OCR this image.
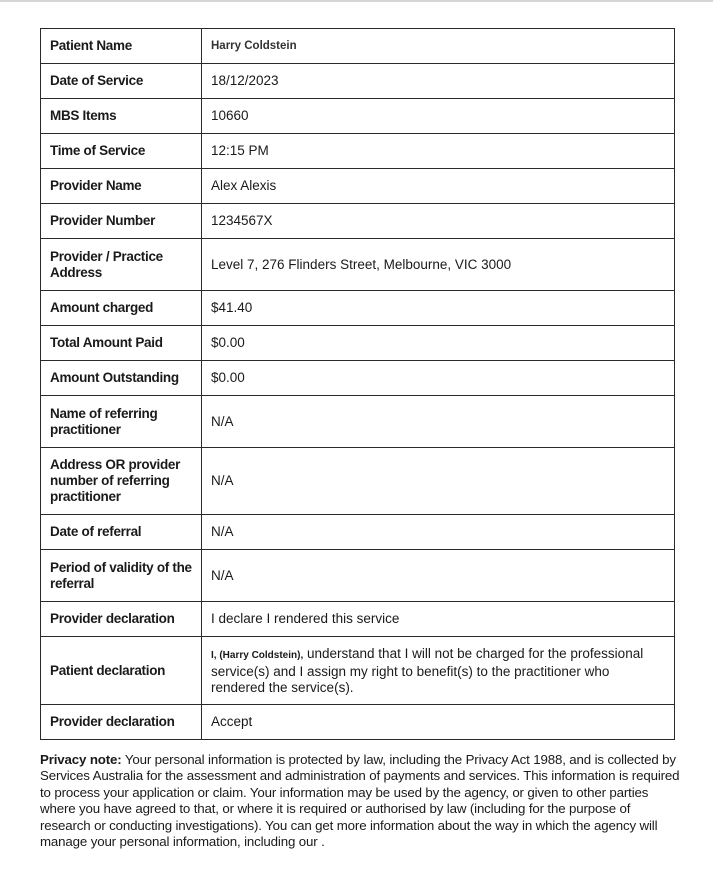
Patient Name	Harry Coldstein
Date of Service	18/12/2023
MBS Items	10660
Time of Service	12:15 PM
Provider Name	Alex Alexis
Provider Number	1234567X
Provider / Practice Address	Level 7, 276 Flinders Street, Melbourne, VIC 3000
Amount charged	$41.40
Total Amount Paid	$0.00
Amount Outstanding	$0.00
Name of referring practitioner	N/A
Address OR provider number of referring practitioner	N/A
Date of referral	N/A
Period of validity of the referral	N/A
Provider declaration	I declare I rendered this service
Patient declaration	I, (Harry Coldstein), understand that I will not be charged for the professional service(s) and I assign my right to benefit(s) to the practitioner who rendered the service(s).
Provider declaration	Accept
Privacy note: Your personal information is protected by law, including the Privacy Act 1988, and is collected by Services Australia for the assessment and administration of payments and services. This information is required to process your application or claim. Your information may be used by the agency, or given to other parties where you have agreed to that, or where it is required or authorised by law (including for the purpose of research or conducting investigations). You can get more information about the way in which the agency will manage your personal information, including our .
